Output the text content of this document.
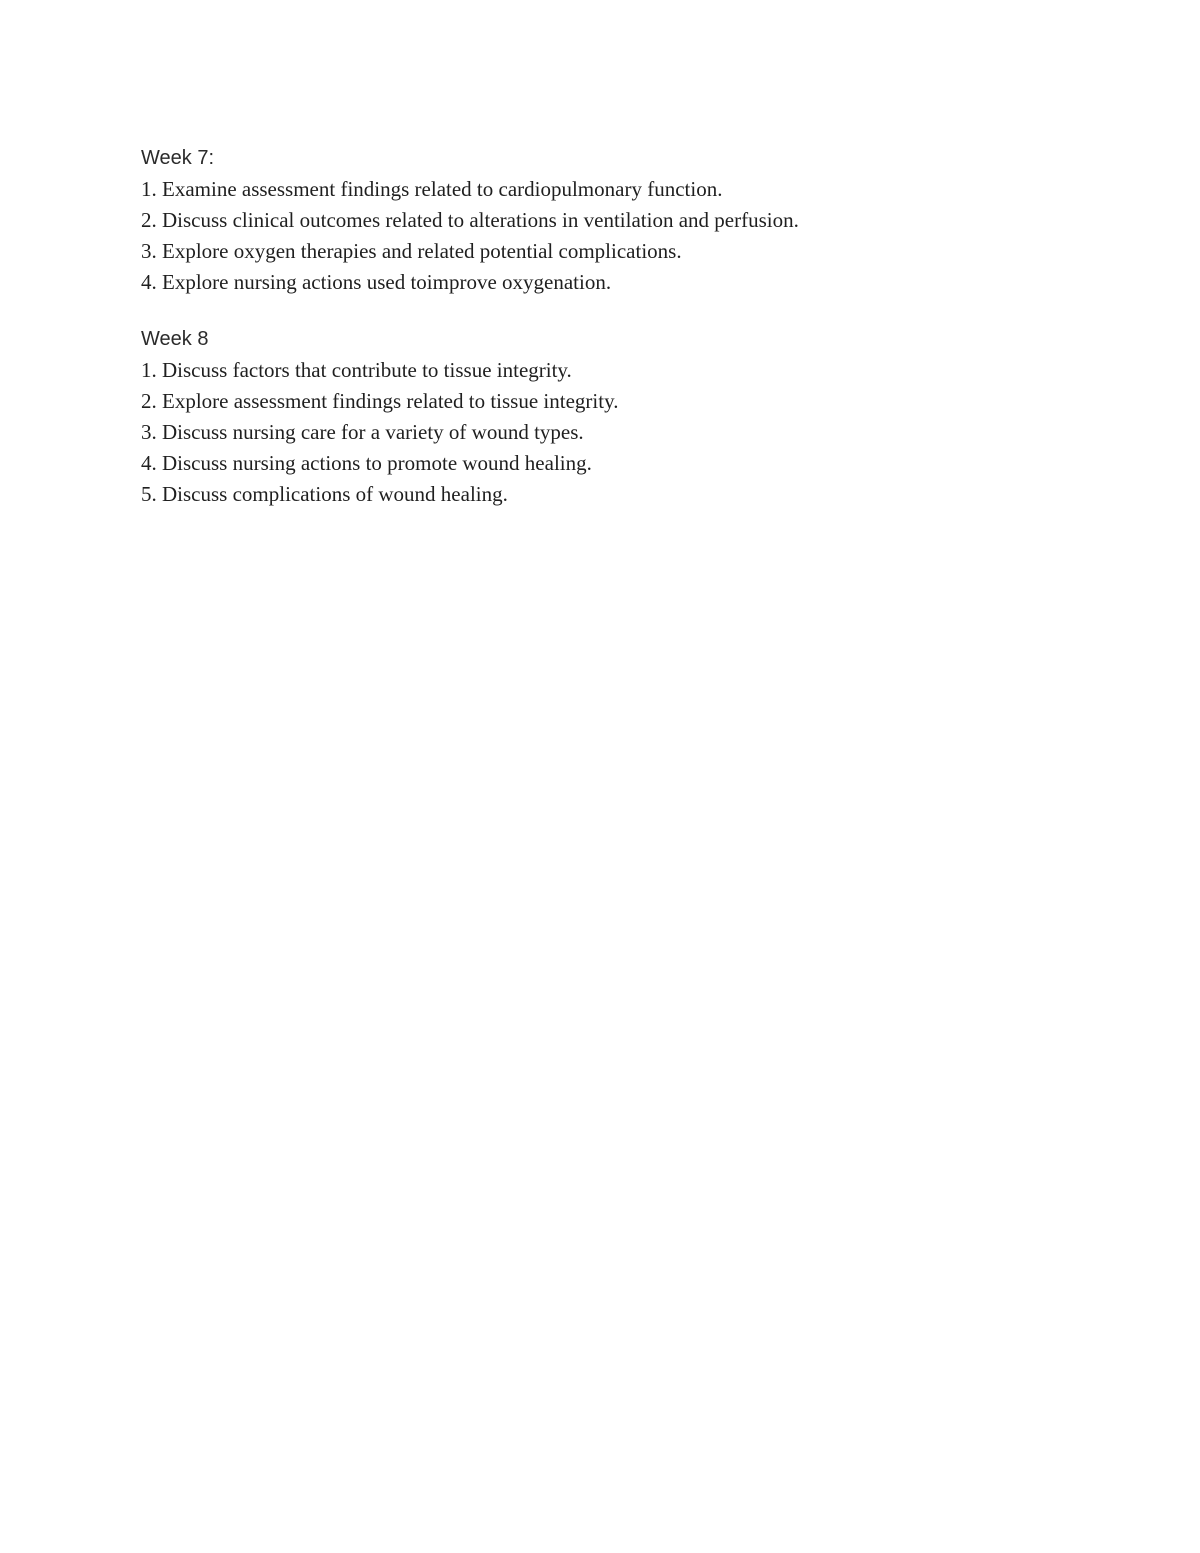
Week 7:
1. Examine assessment findings related to cardiopulmonary function.
2. Discuss clinical outcomes related to alterations in ventilation and perfusion.
3. Explore oxygen therapies and related potential complications.
4. Explore nursing actions used toimprove oxygenation.
Week 8
1. Discuss factors that contribute to tissue integrity.
2. Explore assessment findings related to tissue integrity.
3. Discuss nursing care for a variety of wound types.
4. Discuss nursing actions to promote wound healing.
5. Discuss complications of wound healing.
